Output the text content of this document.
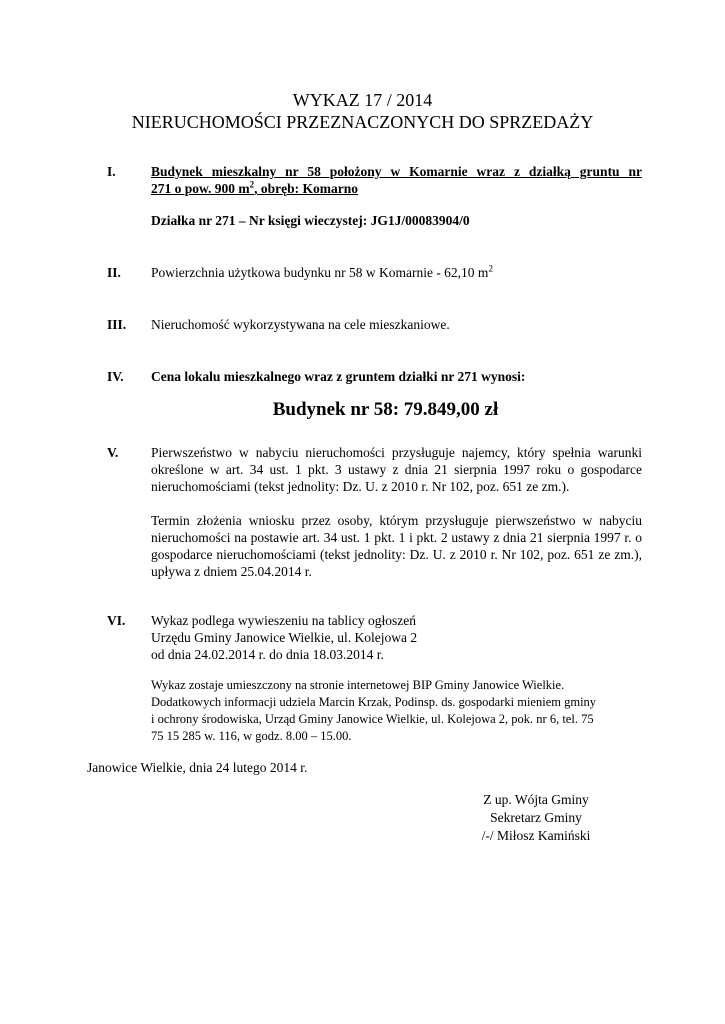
WYKAZ 17 / 2014
NIERUCHOMOŚCI PRZEZNACZONYCH DO SPRZEDAŻY
I.	Budynek mieszkalny nr 58 położony w Komarnie wraz z działką gruntu nr
271 o pow. 900 $m^2$, obręb: Komarno
Działka nr 271 – Nr księgi wieczystej: JG1J/00083904/0
II. Powierzchnia użytkowa budynku nr 58 w Komarnie - 62,10 $m^2$
III. Nieruchomość wykorzystywana na cele mieszkaniowe.
IV. Cena lokalu mieszkalnego wraz z gruntem działki nr 271 wynosi:
Budynek nr 58: 79.849,00 zł
V. Pierwszeństwo w nabyciu nieruchomości przysługuje najemcy, który spełnia warunki określone w art. 34 ust. 1 pkt. 3 ustawy z dnia 21 sierpnia 1997 roku o gospodarce nieruchomościami (tekst jednolity: Dz. U. z 2010 r. Nr 102, poz. 651 ze zm.).
Termin złożenia wniosku przez osoby, którym przysługuje pierwszeństwo w nabyciu nieruchomości na postawie art. 34 ust. 1 pkt. 1 i pkt. 2 ustawy z dnia 21 sierpnia 1997 r. o gospodarce nieruchomościami (tekst jednolity: Dz. U. z 2010 r. Nr 102, poz. 651 ze zm.), upływa z dniem 25.04.2014 r.
VI. Wykaz podlega wywieszeniu na tablicy ogłoszeń
Urzędu Gminy Janowice Wielkie, ul. Kolejowa 2
od dnia 24.02.2014 r. do dnia 18.03.2014 r.
Wykaz zostaje umieszczony na stronie internetowej BIP Gminy Janowice Wielkie. Dodatkowych informacji udziela Marcin Krzak, Podinsp. ds. gospodarki mieniem gminy i ochrony środowiska, Urząd Gminy Janowice Wielkie, ul. Kolejowa 2, pok. nr 6, tel. 75 75 15 285 w. 116, w godz. 8.00 – 15.00.
Janowice Wielkie, dnia 24 lutego 2014 r.
Z up. Wójta Gminy
Sekretarz Gminy
/-/ Miłosz Kamiński
